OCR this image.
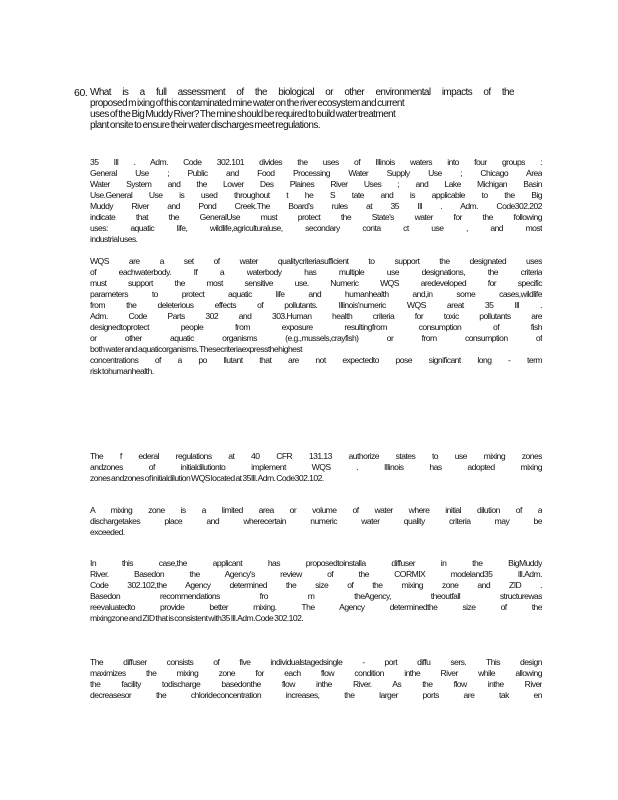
60. What is a full assessment of the biological or other environmental impacts of the
proposed m ixing of this contaminated mine water on the river ecosystem and current
uses of the Big Muddy River? The mine should be required to build water treatment
plant onsite to ensure their water discharges meet regulations.
35 Ill . Adm. Code 302.101 divides the uses of Illinois waters into four groups :
General Use ; Public and Food Processing Water Supply Use ; Chicago Area
Water System and the Lower Des Plaines River Uses ; and Lake Michigan Basin
Use.General Use is used throughout t he S tate and is applicable to the Big
Muddy River and Pond Creek.The Board's rules at 35 Ill . Adm. Code302.202
indicate that the GeneralUse must protect the State's water for the following
uses: aquatic life, wildlife,agriculturaluse, secondary conta ct use , and most
industrial uses.
WQS are a set of water qualitycriteriasufficient to support the designated uses
of eachwaterbody. If a waterbody has multiple use designations, the criteria
must support the most sensitive use. Numeric WQS aredeveloped for specific
parameters to protect aquatic life and humanhealth and,in some cases,wildlife
from the deleterious effects of pollutants. Illinois'numeric WQS areat 35 Ill .
Adm. Code Parts 302 and 303.Human health criteria for toxic pollutants are
designedtoprotect people from exposure resultingfrom consumption of fish
or other aquatic organisms (e.g.,mussels,crayfish) or from consumption of
both water and aquaticorganisms. Thesecriteriaexpressthehighest
concentrations of a po llutant that are not expectedto pose significant long - term
risk tohumanhealth.
The f ederal regulations at 40 CFR 131.13 authorize states to use mixing zones
andzones of initialdilutionto implement WQS . Illinois has adopted mixing
zones andzones of initialdilution WQS located at 35Ill. Adm. Code302.102.
A mixing zone is a limited area or volume of water where initial dilution of a
dischargetakes place and wherecertain numeric water quality criteria may be
exceeded.
In this case,the applicant has proposedtoinstalla diffuser in the BigMuddy
River. Basedon the Agency's review of the CORMIX modeland35 Ill.Adm.
Code 302.102,the Agency determined the size of the mixing zone and ZID .
Basedon recommendations fro m theAgency, theoutfall structurewas
reevaluatedto provide better mixing. The Agency determinedthe size of the
mixingzone and ZID that is consistent with35 Ill.Adm.Code 302.102.
The diffuser consists of five individualstagedsingle - port diffu sers. This design
maximizes the mixing zone for each flow condition inthe River while allowing
the facility todischarge basedonthe flow inthe River. As the flow inthe River
decreasesor the chlorideconcentration increases, the larger ports are tak en
